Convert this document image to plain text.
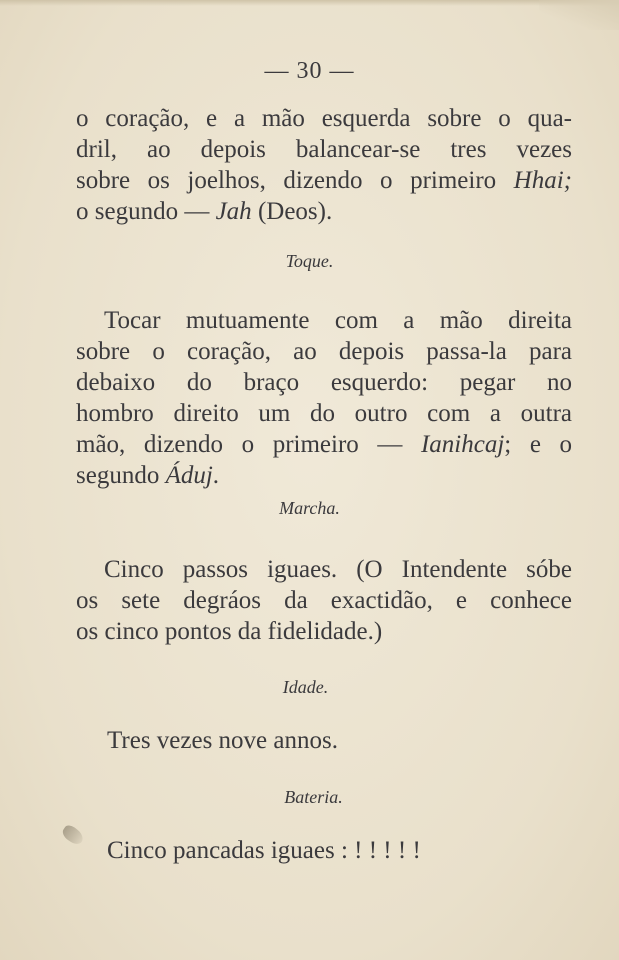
— 30 —
o coração, e a mão esquerda sobre o qua-
dril, ao depois balancear-se tres vezes
sobre os joelhos, dizendo o primeiro Hhai;
o segundo — Jah (Deos).
Toque.
Tocar mutuamente com a mão direita
sobre o coração, ao depois passa-la para
debaixo do braço esquerdo: pegar no
hombro direito um do outro com a outra
mão, dizendo o primeiro — Ianihcaj; e o
segundo Áduj.
Marcha.
Cinco passos iguaes. (O Intendente sóbe
os sete degráos da exactidão, e conhece
os cinco pontos da fidelidade.)
Idade.
Tres vezes nove annos.
Bateria.
Cinco pancadas iguaes : ! ! ! ! !
